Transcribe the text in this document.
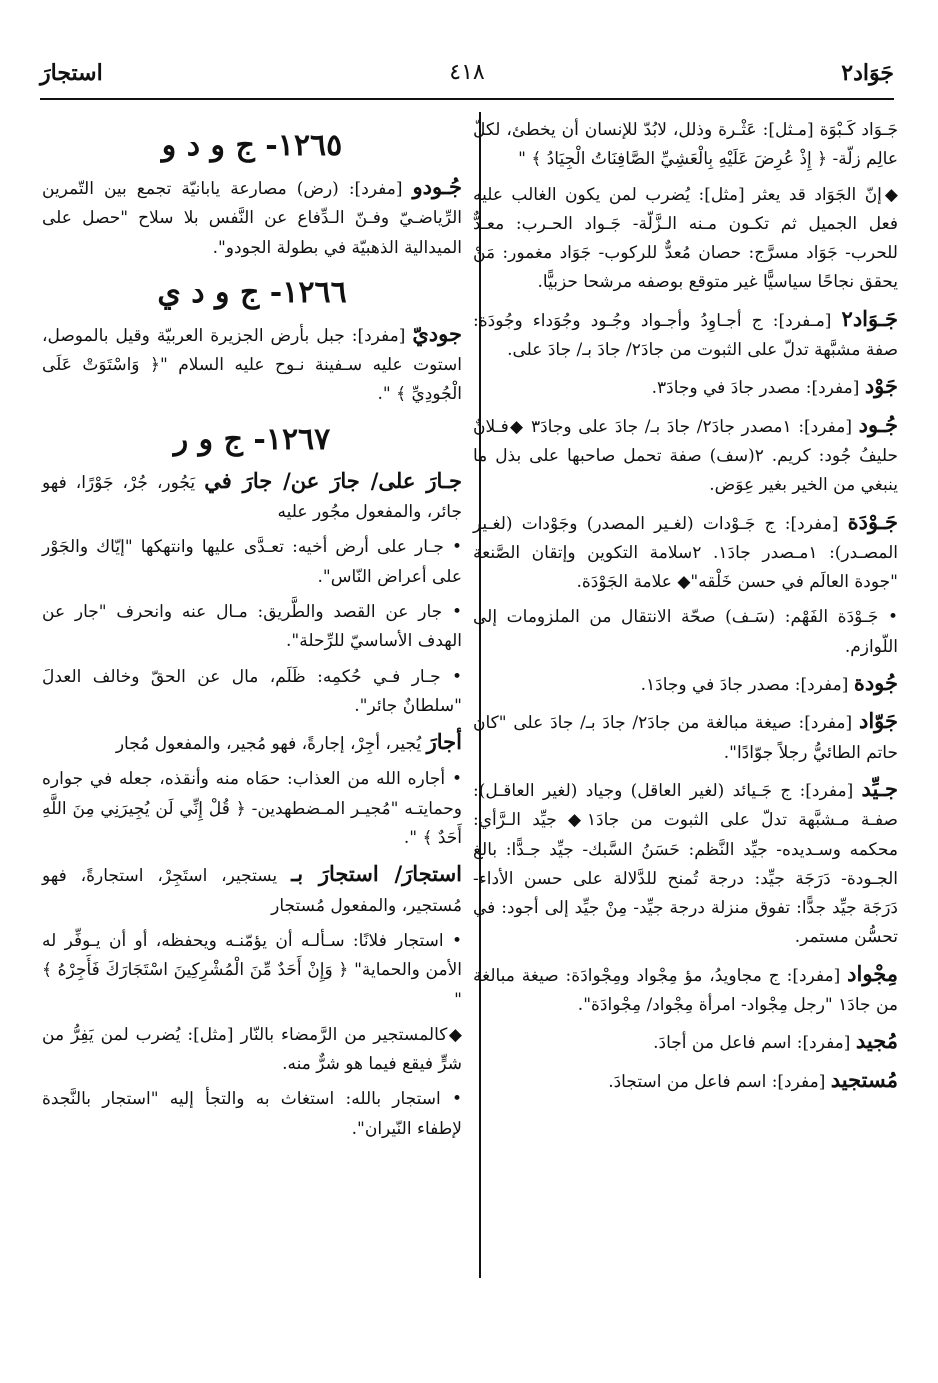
جَوَاد٢
٤١٨
استجارَ

جَـوَاد كَـبْوَة [مـثل]: عَثْـرة وذلل، لابُدّ للإنسان أن يخطئ، لكلّ عالِم زلّة- ﴿ إِذْ عُرِضَ عَلَيْهِ بِالْعَشِيِّ الصَّافِنَاتُ الْجِيَادُ ﴾ "

◆إنّ الجَوَاد قد يعثر [مثل]: يُضرب لمن يكون الغالب عليه فعل الجميل ثم تكـون مـنه الـزَّلّة- جَـواد الحـرب: معـدٌّ للحرب- جَوَاد مسرَّج: حصان مُعدٌّ للركوب- جَوَاد مغمور: مَنْ يحقق نجاحًا سياسيًّا غير متوقع بوصفه مرشحا حزبيًّا.

جَـوَاد٢ [مـفرد]: ج أجـاوِدُ وأجـواد وجُـود وجُوَداء وجُودَة: صفة مشبَّهة تدلّ على الثبوت من جادَ٢/ جادَ بـ/ جادَ على.

جَوْد [مفرد]: مصدر جادَ في وجادَ٣.

جُـود [مفرد]: ١مصدر جادَ٢/ جادَ بـ/ جادَ على وجادَ٣ ◆فـلانٌ حليفُ جُود: كريم. ٢(سف) صفة تحمل صاحبها على بذل ما ينبغي من الخير بغير عِوَض.

جَـوْدَة [مفرد]: ج جَـوْدات (لغـير المصدر) وجَوْدات (لغـير المصـدر): ١مـصدر جادَ١. ٢سلامة التكوين وإتقان الصَّنعة "جودة العالَم في حسن خَلْقه"◆ علامة الجَوْدَة.

• جَـوْدَة الفَهْم: (سَـف) صحّة الانتقال من الملزومات إلى اللّوازم.

جُودة [مفرد]: مصدر جادَ في وجادَ١.

جَوّاد [مفرد]: صيغة مبالغة من جادَ٢/ جادَ بـ/ جادَ على "كان حاتم الطائيُّ رجلاً جوّادًا".

جـيِّد [مفرد]: ج جَـيائد (لغير العاقل) وجياد (لغير العاقـل): صفـة مـشبَّهة تدلّ على الثبوت من جادَ١◆ جيِّد الـرَّأي: محكمه وسـديده- جيِّد النَّظم: حَسَنُ السَّبك- جيِّد جـدًّا: بالغ الجـودة- دَرَجَة جيِّد: درجة تُمنح للدَّلالة على حسن الأداء- دَرَجَة جيِّد جدًّا: تفوق منزلة درجة جيِّد- مِنْ جيِّد إلى أجود: في تحسُّن مستمر.

مِجْواد [مفرد]: ج مجاويدُ، مؤ مِجْواد ومِجْوادَة: صيغة مبالغة من جادَ١ "رجل مِجْواد- امرأة مِجْواد/ مِجْوادَة".

مُجيد [مفرد]: اسم فاعل من أجادَ.

مُستجيد [مفرد]: اسم فاعل من استجادَ.

١٢٦٥- ج و د و

جُـودو [مفرد]: (رض) مصارعة يابانيّة تجمع بين التّمرين الرِّياضـيّ وفـنّ الـدِّفاع عن النَّفس بلا سلاح "حصل على الميدالية الذهبيّة في بطولة الجودو".

١٢٦٦- ج و د ي

جوديّ [مفرد]: جبل بأرض الجزيرة العربيّة وقيل بالموصل، استوت عليه سـفينة نـوح عليه السلام "﴿ وَاسْتَوَتْ عَلَى الْجُودِيِّ ﴾ ".

١٢٦٧- ج و ر

جـارَ على/ جارَ عن/ جارَ في يَجُور، جُرْ، جَوْرًا، فهو جائر، والمفعول مجُور عليه

• جـار على أرض أخيه: تعـدَّى عليها وانتهكها "إيّاك والجَوْر على أعراض النّاس".

• جار عن القصد والطَّريق: مـال عنه وانحرف "جار عن الهدف الأساسيّ للرِّحلة".

• جـار فـي حُكمِه: ظَلَم، مال عن الحقّ وخالف العدلَ "سلطانٌ جائر".

أجارَ يُجير، أجِرْ، إجارةً، فهو مُجير، والمفعول مُجار

• أجاره الله من العذاب: حمَاه منه وأنقذه، جعله في جواره وحمايتـه "مُجيـر المـضطهدين- ﴿ قُلْ إِنِّي لَن يُجِيرَنِي مِنَ اللَّهِ أَحَدٌ ﴾ ".

استجارَ/ استجارَ بـ يستجير، استَجِرْ، استجارةً، فهو مُستجير، والمفعول مُستجار

• استجار فلانًا: سـألـه أن يؤمّنـه ويحفظه، أو أن يـوفِّر له الأمن والحماية" ﴿ وَإِنْ أَحَدٌ مِّنَ الْمُشْرِكِينَ اسْتَجَارَكَ فَأَجِرْهُ ﴾ "

◆كالمستجير من الرَّمضاء بالنّار [مثل]: يُضرب لمن يَفِرُّ من شرٍّ فيقع فيما هو شرٌّ منه.

• استجار بالله: استغاث به والتجأ إليه "استجار بالنَّجدة لإطفاء النّيران".
